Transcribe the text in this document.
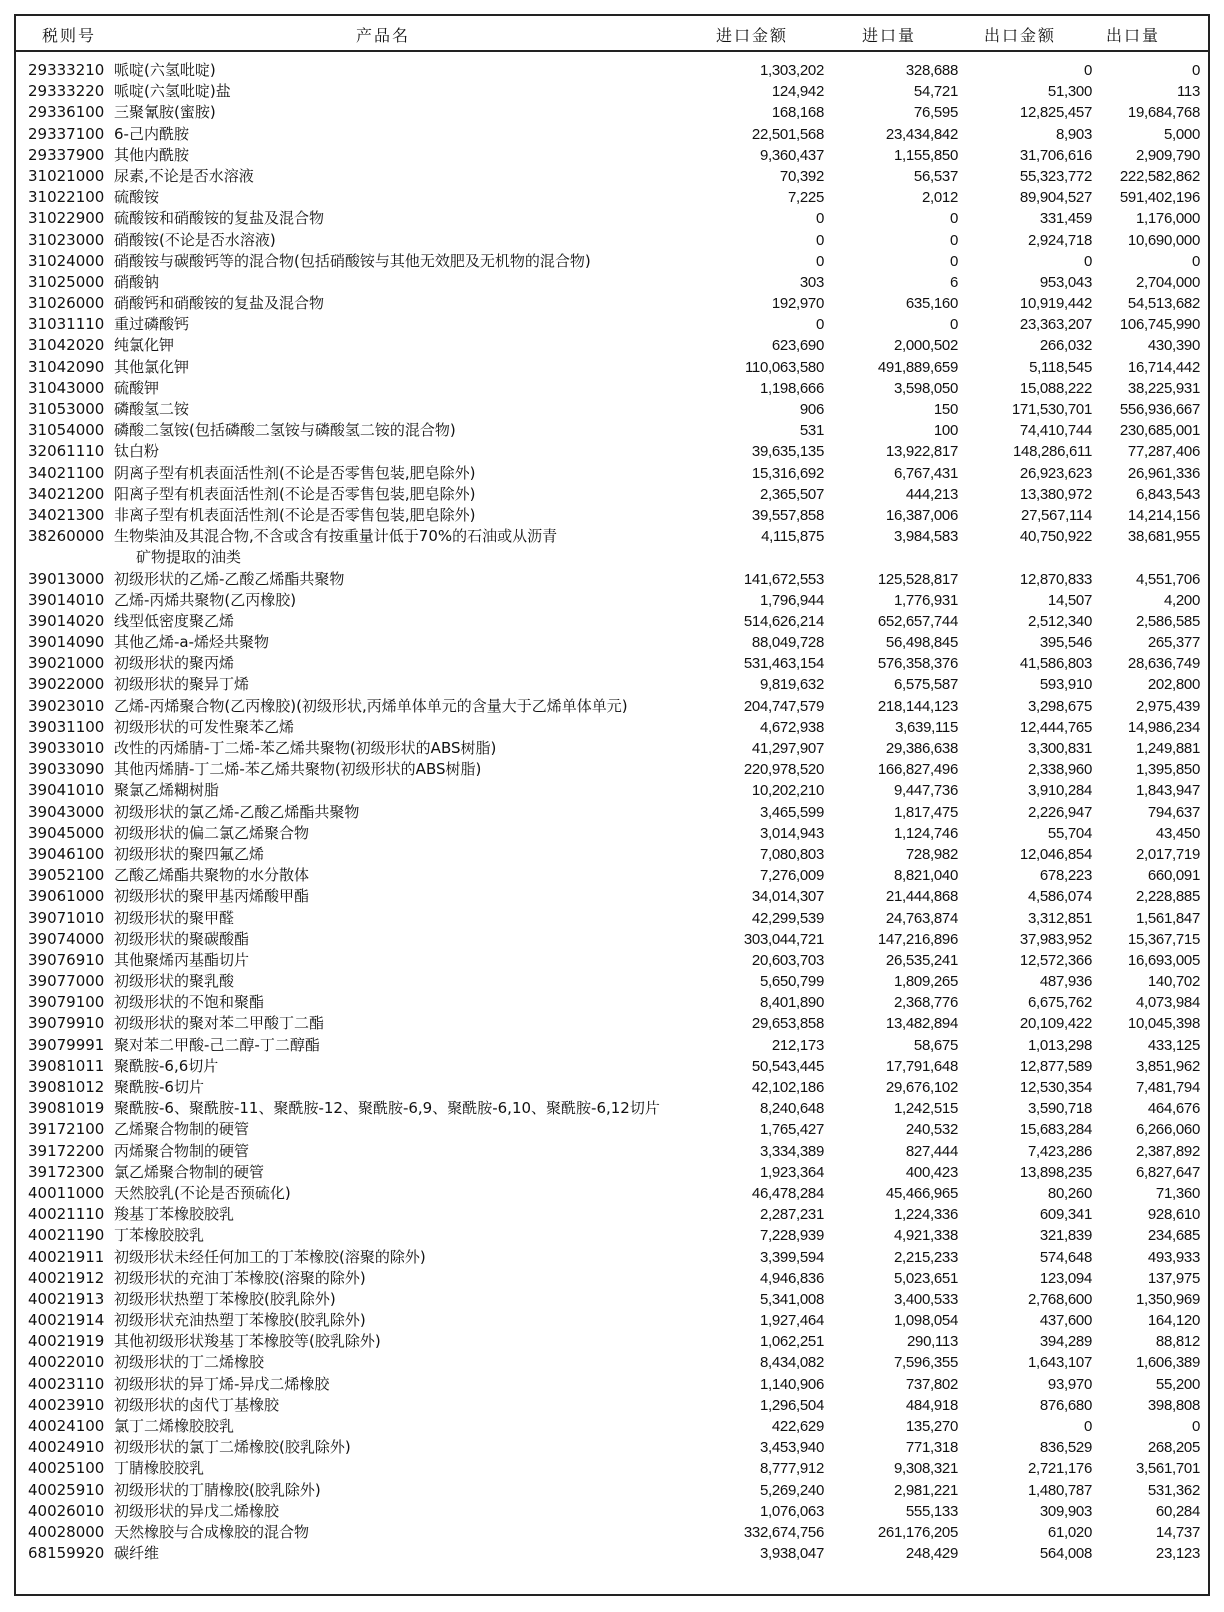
税则号	产品名	进口金额	进口量	出口金额	出口量
29333210 哌啶(六氢吡啶)	1,303,202	328,688	0	0
29333220 哌啶(六氢吡啶)盐	124,942	54,721	51,300	113
29336100 三聚氰胺(蜜胺)	168,168	76,595	12,825,457 19,684,768
29337100 6-己内酰胺	22,501,568	23,434,842	8,903	5,000
29337900 其他内酰胺	9,360,437	1,155,850	31,706,616	2,909,790
31021000 尿素,不论是否水溶液	70,392	56,537	55,323,772 222,582,862
31022100 硫酸铵	7,225	2,012	89,904,527 591,402,196
31022900 硫酸铵和硝酸铵的复盐及混合物	0	0	331,459	1,176,000
31023000 硝酸铵(不论是否水溶液)	0	0	2,924,718 10,690,000
31024000 硝酸铵与碳酸钙等的混合物(包括硝酸铵与其他无效肥及无机物的混合物)	0	0	0	0
31025000 硝酸钠	303	6	953,043	2,704,000
31026000 硝酸钙和硝酸铵的复盐及混合物	192,970	635,160	10,919,442 54,513,682
31031110 重过磷酸钙	0	0	23,363,207 106,745,990
31042020 纯氯化钾	623,690	2,000,502	266,032	430,390
31042090 其他氯化钾	110,063,580	491,889,659	5,118,545 16,714,442
31043000 硫酸钾	1,198,666	3,598,050	15,088,222 38,225,931
31053000 磷酸氢二铵	906	150	171,530,701 556,936,667
31054000 磷酸二氢铵(包括磷酸二氢铵与磷酸氢二铵的混合物)	531	100	74,410,744 230,685,001
32061110 钛白粉	39,635,135	13,922,817	148,286,611 77,287,406
34021100 阴离子型有机表面活性剂(不论是否零售包装,肥皂除外)	15,316,692	6,767,431	26,923,623 26,961,336
34021200 阳离子型有机表面活性剂(不论是否零售包装,肥皂除外)	2,365,507	444,213	13,380,972	6,843,543
34021300 非离子型有机表面活性剂(不论是否零售包装,肥皂除外)	39,557,858	16,387,006	27,567,114 14,214,156
38260000 生物柴油及其混合物,不含或含有按重量计低于70%的石油或从沥青
矿物提取的油类
4,115,875	3,984,583	40,750,922 38,681,955
39013000 初级形状的乙烯-乙酸乙烯酯共聚物	141,672,553	125,528,817	12,870,833	4,551,706
39014010 乙烯-丙烯共聚物(乙丙橡胶)	1,796,944	1,776,931	14,507	4,200
39014020 线型低密度聚乙烯	514,626,214	652,657,744	2,512,340	2,586,585
39014090 其他乙烯-a-烯烃共聚物	88,049,728	56,498,845	395,546	265,377
39021000 初级形状的聚丙烯	531,463,154	576,358,376	41,586,803 28,636,749
39022000 初级形状的聚异丁烯	9,819,632	6,575,587	593,910	202,800
39023010 乙烯-丙烯聚合物(乙丙橡胶)(初级形状,丙烯单体单元的含量大于乙烯单体单元)	204,747,579	218,144,123	3,298,675	2,975,439
39031100 初级形状的可发性聚苯乙烯	4,672,938	3,639,115	12,444,765 14,986,234
39033010 改性的丙烯腈-丁二烯-苯乙烯共聚物(初级形状的ABS树脂)	41,297,907	29,386,638	3,300,831	1,249,881
39033090 其他丙烯腈-丁二烯-苯乙烯共聚物(初级形状的ABS树脂)	220,978,520	166,827,496	2,338,960	1,395,850
39041010 聚氯乙烯糊树脂	10,202,210	9,447,736	3,910,284	1,843,947
39043000 初级形状的氯乙烯-乙酸乙烯酯共聚物	3,465,599	1,817,475	2,226,947	794,637
39045000 初级形状的偏二氯乙烯聚合物	3,014,943	1,124,746	55,704	43,450
39046100 初级形状的聚四氟乙烯	7,080,803	728,982	12,046,854	2,017,719
39052100 乙酸乙烯酯共聚物的水分散体	7,276,009	8,821,040	678,223	660,091
39061000 初级形状的聚甲基丙烯酸甲酯	34,014,307	21,444,868	4,586,074	2,228,885
39071010 初级形状的聚甲醛	42,299,539	24,763,874	3,312,851	1,561,847
39074000 初级形状的聚碳酸酯	303,044,721	147,216,896	37,983,952 15,367,715
39076910 其他聚烯丙基酯切片	20,603,703	26,535,241	12,572,366 16,693,005
39077000 初级形状的聚乳酸	5,650,799	1,809,265	487,936	140,702
39079100 初级形状的不饱和聚酯	8,401,890	2,368,776	6,675,762	4,073,984
39079910 初级形状的聚对苯二甲酸丁二酯	29,653,858	13,482,894	20,109,422 10,045,398
39079991 聚对苯二甲酸-己二醇-丁二醇酯	212,173	58,675	1,013,298	433,125
39081011 聚酰胺-6,6切片	50,543,445	17,791,648	12,877,589	3,851,962
39081012 聚酰胺-6切片	42,102,186	29,676,102	12,530,354	7,481,794
39081019 聚酰胺-6、聚酰胺-11、聚酰胺-12、聚酰胺-6,9、聚酰胺-6,10、聚酰胺-6,12切片	8,240,648	1,242,515	3,590,718	464,676
39172100 乙烯聚合物制的硬管	1,765,427	240,532	15,683,284	6,266,060
39172200 丙烯聚合物制的硬管	3,334,389	827,444	7,423,286	2,387,892
39172300 氯乙烯聚合物制的硬管	1,923,364	400,423	13,898,235	6,827,647
40011000 天然胶乳(不论是否预硫化)	46,478,284	45,466,965	80,260	71,360
40021110 羧基丁苯橡胶胶乳	2,287,231	1,224,336	609,341	928,610
40021190 丁苯橡胶胶乳	7,228,939	4,921,338	321,839	234,685
40021911 初级形状未经任何加工的丁苯橡胶(溶聚的除外)	3,399,594	2,215,233	574,648	493,933
40021912 初级形状的充油丁苯橡胶(溶聚的除外)	4,946,836	5,023,651	123,094	137,975
40021913 初级形状热塑丁苯橡胶(胶乳除外)	5,341,008	3,400,533	2,768,600	1,350,969
40021914 初级形状充油热塑丁苯橡胶(胶乳除外)	1,927,464	1,098,054	437,600	164,120
40021919 其他初级形状羧基丁苯橡胶等(胶乳除外)	1,062,251	290,113	394,289	88,812
40022010 初级形状的丁二烯橡胶	8,434,082	7,596,355	1,643,107	1,606,389
40023110 初级形状的异丁烯-异戊二烯橡胶	1,140,906	737,802	93,970	55,200
40023910 初级形状的卤代丁基橡胶	1,296,504	484,918	876,680	398,808
40024100 氯丁二烯橡胶胶乳	422,629	135,270	0	0
40024910 初级形状的氯丁二烯橡胶(胶乳除外)	3,453,940	771,318	836,529	268,205
40025100 丁腈橡胶胶乳	8,777,912	9,308,321	2,721,176	3,561,701
40025910 初级形状的丁腈橡胶(胶乳除外)	5,269,240	2,981,221	1,480,787	531,362
40026010 初级形状的异戊二烯橡胶	1,076,063	555,133	309,903	60,284
40028000 天然橡胶与合成橡胶的混合物	332,674,756	261,176,205	61,020	14,737
68159920 碳纤维	3,938,047	248,429	564,008	23,123
